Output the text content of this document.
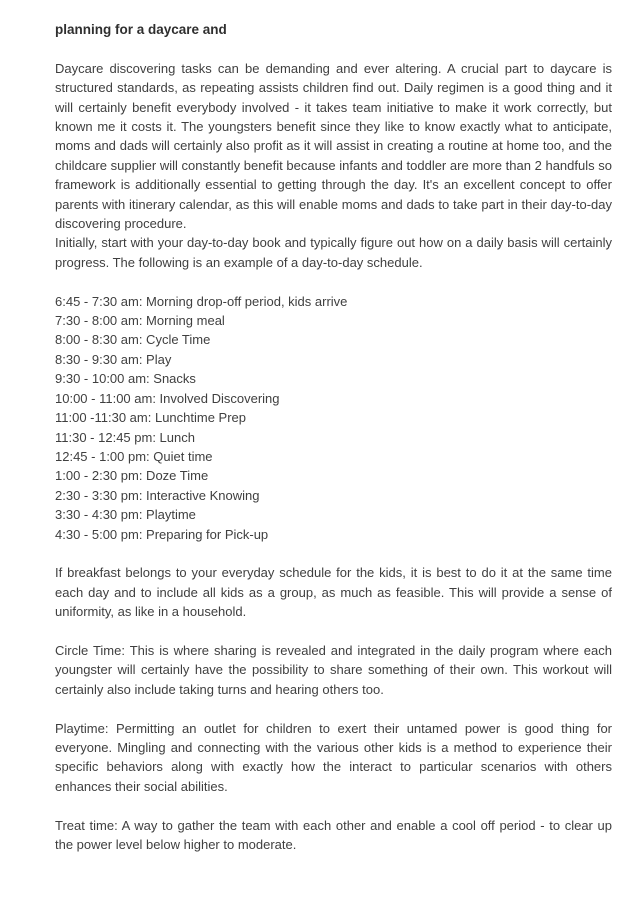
planning for a daycare and

Daycare discovering tasks can be demanding and ever altering. A crucial part to daycare is structured standards, as repeating assists children find out. Daily regimen is a good thing and it will certainly benefit everybody involved - it takes team initiative to make it work correctly, but known me it costs it. The youngsters benefit since they like to know exactly what to anticipate, moms and dads will certainly also profit as it will assist in creating a routine at home too, and the childcare supplier will constantly benefit because infants and toddler are more than 2 handfuls so framework is additionally essential to getting through the day. It's an excellent concept to offer parents with itinerary calendar, as this will enable moms and dads to take part in their day-to-day discovering procedure.

Initially, start with your day-to-day book and typically figure out how on a daily basis will certainly progress. The following is an example of a day-to-day schedule.

6:45 - 7:30 am: Morning drop-off period, kids arrive
7:30 - 8:00 am: Morning meal
8:00 - 8:30 am: Cycle Time
8:30 - 9:30 am: Play
9:30 - 10:00 am: Snacks
10:00 - 11:00 am: Involved Discovering
11:00 -11:30 am: Lunchtime Prep
11:30 - 12:45 pm: Lunch
12:45 - 1:00 pm: Quiet time
1:00 - 2:30 pm: Doze Time
2:30 - 3:30 pm: Interactive Knowing
3:30 - 4:30 pm: Playtime
4:30 - 5:00 pm: Preparing for Pick-up

If breakfast belongs to your everyday schedule for the kids, it is best to do it at the same time each day and to include all kids as a group, as much as feasible. This will provide a sense of uniformity, as like in a household.

Circle Time: This is where sharing is revealed and integrated in the daily program where each youngster will certainly have the possibility to share something of their own. This workout will certainly also include taking turns and hearing others too.

Playtime: Permitting an outlet for children to exert their untamed power is good thing for everyone. Mingling and connecting with the various other kids is a method to experience their specific behaviors along with exactly how the interact to particular scenarios with others enhances their social abilities.

Treat time: A way to gather the team with each other and enable a cool off period - to clear up the power level below higher to moderate.
